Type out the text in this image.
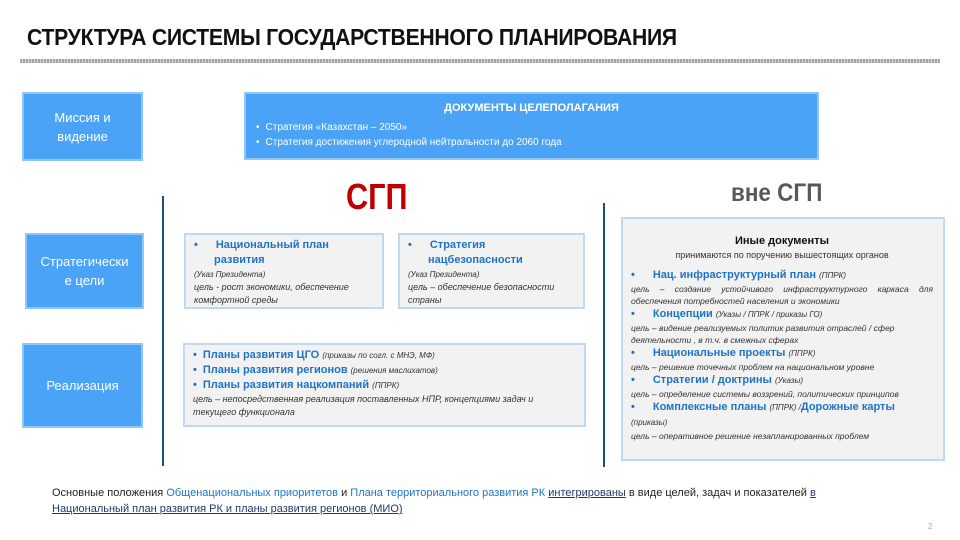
СТРУКТУРА СИСТЕМЫ ГОСУДАРСТВЕННОГО ПЛАНИРОВАНИЯ
Миссия и
видение
Стратегически
е цели
Реализация
ДОКУМЕНТЫ ЦЕЛЕПОЛАГАНИЯ
• Стратегия «Казахстан – 2050»
• Стратегия достижения углеродной нейтральности до 2060 года
СГП	вне СГП
• Национальный план
развития
(Указ Президента)
цель - рост экономики, обеспечение комфортной среды
• Стратегия
нацбезопасности
(Указ Президента)
цель – обеспечение безопасности страны
• Планы развития ЦГО (приказы по согл. с МНЭ, МФ)
• Планы развития регионов (решения маслихатов)
• Планы развития нацкомпаний (ППРК)
цель – непосредственная реализация поставленных НПР, концепциями задач и текущего функционала
Иные документы
принимаются по поручению вышестоящих органов
• Нац. инфраструктурный план (ППРК)
цель – создание устойчивого инфраструктурного каркаса для обеспечения потребностей населения и экономики
• Концепции (Указы / ППРК / приказы ГО)
цель – видение реализуемых политик развития отраслей / сфер деятельности , в т.ч. в смежных сферах
• Национальные проекты (ППРК)
цель – решение точечных проблем на национальном уровне
• Стратегии / доктрины (Указы)
цель – определение системы воззрений, политических принципов
• Комплексные планы (ППРК) /Дорожные карты (приказы)
цель – оперативное решение незапланированных проблем
Основные положения Общенациональных приоритетов и Плана территориального развития РК интегрированы в виде целей, задач и показателей в
Национальный план развития РК и планы развития регионов (МИО)
2
